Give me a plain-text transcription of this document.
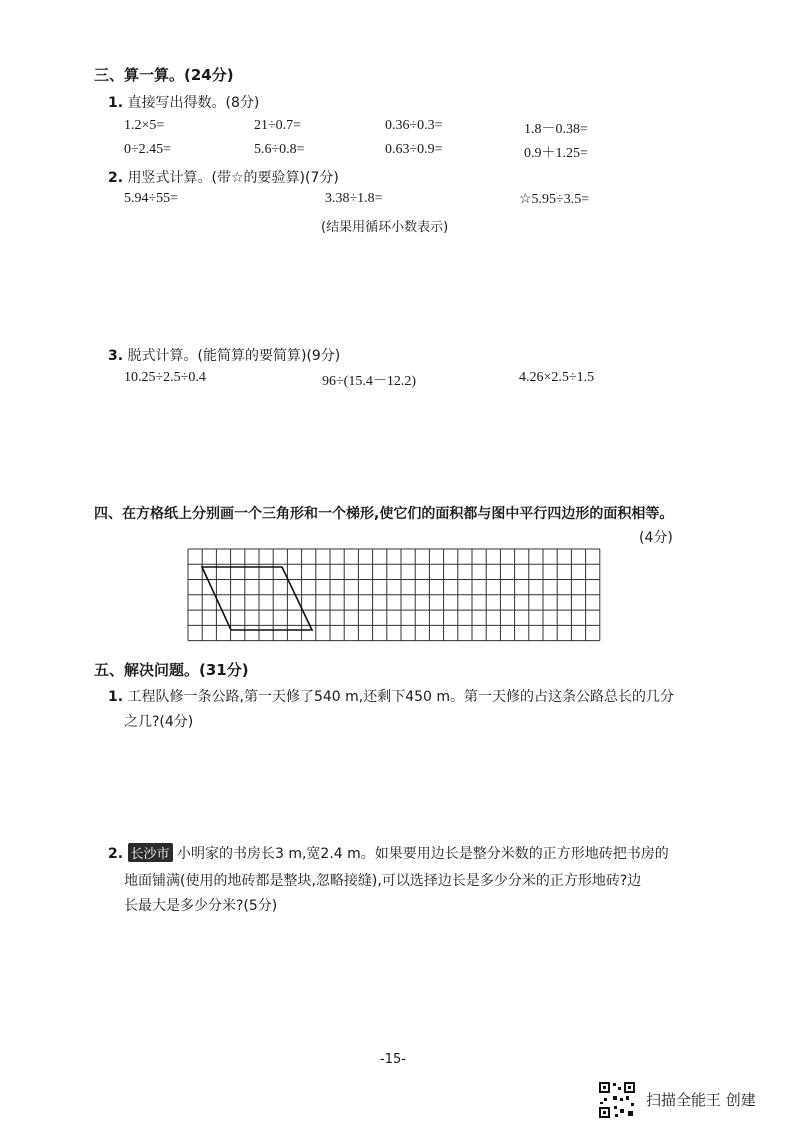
三、算一算。(24分)
1. 直接写出得数。(8分)
1.2×5=	21÷0.7=	0.36÷0.3=	1.8－0.38=
0÷2.45=	5.6÷0.8=	0.63÷0.9=	0.9＋1.25=
2. 用竖式计算。(带☆的要验算)(7分)
5.94÷55=	3.38÷1.8=	☆5.95÷3.5=
(结果用循环小数表示)
3. 脱式计算。(能简算的要简算)(9分)
10.25÷2.5÷0.4	96÷(15.4－12.2)	4.26×2.5÷1.5
四、在方格纸上分别画一个三角形和一个梯形,使它们的面积都与图中平行四边形的面积相等。
(4分)
五、解决问题。(31分)
1. 工程队修一条公路,第一天修了540 m,还剩下450 m。第一天修的占这条公路总长的几分
之几?(4分)
2. 长沙市 小明家的书房长3 m,宽2.4 m。如果要用边长是整分米数的正方形地砖把书房的
地面铺满(使用的地砖都是整块,忽略接缝),可以选择边长是多少分米的正方形地砖?边
长最大是多少分米?(5分)
-15-
扫描全能王 创建
